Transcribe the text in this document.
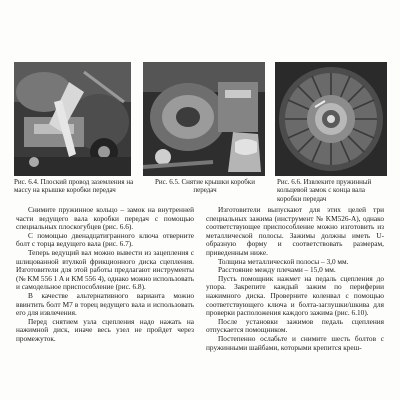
Рис. 6.4. Плоский провод заземления на массу на крышке коробки передач

Рис. 6.5. Снятие крышки коробки передач

Рис. 6.6. Извлеките пружинный кольцевой замок с конца вала коробки передач

Снимите пружинное кольцо – замок на внутренней части ведущего вала коробки передач с помощью специальных плоскогубцев (рис. 6.6).

С помощью двенадцатигранного ключа отверните болт с торца ведущего вала (рис. 6.7).

Теперь ведущий вал можно вывести из зацепления с шлицованной втулкой фрикционного диска сцепления. Изготовители для этой работы предлагают инструменты (№ KM 556 1 A и KM 556 4), однако можно использовать и самодельное приспособление (рис. 6.8).

В качестве альтернативного варианта можно ввинтить болт М7 в торец ведущего вала и использовать его для извлечения.

Перед снятием узла сцепления надо нажать на нажимной диск, иначе весь узел не пройдет через промежуток.

Изготовители выпускают для этих целей три специальных зажима (инструмент № KM526-A), однако соответствующее приспособление можно изготовить из металлической полосы. Зажимы должны иметь U-образную форму и соответствовать размерам, приведенным ниже.

Толщина металлической полосы – 3,0 мм.

Расстояние между плечами – 15,0 мм.

Пусть помощник нажмет на педаль сцепления до упора. Закрепите каждый зажим по периферии нажимного диска. Проверните коленвал с помощью соответствующего ключа и болта-заглушки/шкива для проверки расположения каждого зажима (рис. 6.10).

После установки зажимов педаль сцепления отпускается помощником.

Постепенно ослабьте и снимите шесть болтов с пружинными шайбами, которыми крепится креш-
